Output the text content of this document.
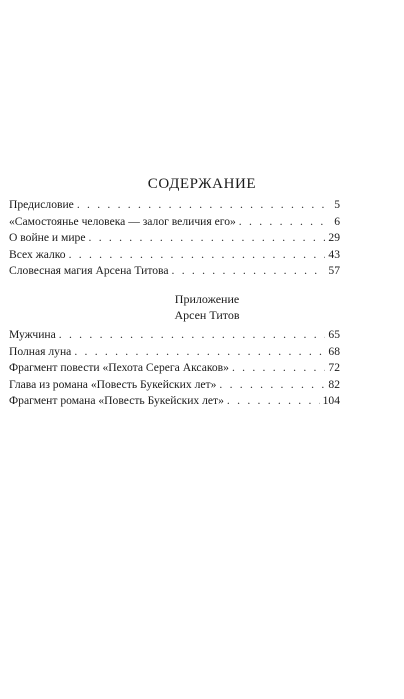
СОДЕРЖАНИЕ
Предисловие . . .	5
«Самостоянье человека — залог величия его» . . .	6
О войне и мире . . .	29
Всех жалко . . .	43
Словесная магия Арсена Титова . . .	57
Приложение
Арсен Титов
Мужчина . . .	65
Полная луна . . .	68
Фрагмент повести «Пехота Серега Аксаков» . . .	72
Глава из романа «Повесть Букейских лет» . . .	82
Фрагмент романа «Повесть Букейских лет» . . .	104
